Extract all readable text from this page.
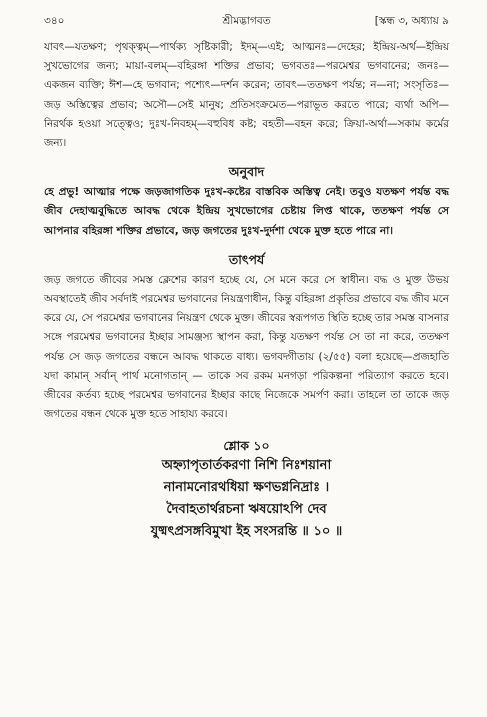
৩৪০	শ্রীমদ্ভাগবত	[স্কন্ধ ৩, অধ্যায় ৯

যাবৎ—যতক্ষণ; পৃথক্‌ত্বম্—পার্থক্য সৃষ্টিকারী; ইদম্—এই; আত্মনঃ—দেহের; ইন্দ্রিয়-অর্থ—ইন্দ্রিয় সুখভোগের জন্য; মায়া-বলম্—বহিরঙ্গা শক্তির প্রভাব; ভগবতঃ—পরমেশ্বর ভগবানের; জনঃ—একজন ব্যক্তি; ঈশ—হে ভগবান; পশ্যেৎ—দর্শন করেন; তাবৎ—ততক্ষণ পর্যন্ত; ন—না; সংসৃতিঃ—জড় অস্তিত্বের প্রভাব; অসৌ—সেই মানুষ; প্রতিসংক্রমেত—পরাভূত করতে পারে; ব্যর্থা অপি—নিরর্থক হওয়া সত্ত্বেও; দুঃখ-নিবহম্—বহুবিধ কষ্ট; বহতী—বহন করে; ক্রিয়া-অর্থা—সকাম কর্মের জন্য।

অনুবাদ

হে প্রভু! আত্মার পক্ষে জড়জাগতিক দুঃখ-কষ্টের বাস্তবিক অস্তিত্ব নেই। তবুও যতক্ষণ পর্যন্ত বদ্ধ জীব দেহাত্মবুদ্ধিতে আবদ্ধ থেকে ইন্দ্রিয় সুখভোগের চেষ্টায় লিপ্ত থাকে, ততক্ষণ পর্যন্ত সে আপনার বহিরঙ্গা শক্তির প্রভাবে, জড় জগতের দুঃখ-দুর্দশা থেকে মুক্ত হতে পারে না।

তাৎপর্য

জড় জগতে জীবের সমস্ত ক্লেশের কারণ হচ্ছে যে, সে মনে করে সে স্বাধীন। বদ্ধ ও মুক্ত উভয় অবস্থাতেই জীব সর্বদাই পরমেশ্বর ভগবানের নিয়ন্ত্রণাধীন, কিন্তু বহিরঙ্গা প্রকৃতির প্রভাবে বদ্ধ জীব মনে করে যে, সে পরমেশ্বর ভগবানের নিয়ন্ত্রণ থেকে মুক্ত। জীবের স্বরূপগত স্থিতি হচ্ছে তার সমস্ত বাসনার সঙ্গে পরমেশ্বর ভগবানের ইচ্ছার সামঞ্জস্য স্থাপন করা, কিন্তু যতক্ষণ পর্যন্ত সে তা না করে, ততক্ষণ পর্যন্ত সে জড় জগতের বন্ধনে আবদ্ধ থাকতে বাধ্য। ভগবদ্গীতায় (২/৫৫) বলা হয়েছে—প্রজহাতি যদা কামান্ সর্বান্ পার্থ মনোগতান্ — তাকে সব রকম মনগড়া পরিকল্পনা পরিত্যাগ করতে হবে। জীবের কর্তব্য হচ্ছে পরমেশ্বর ভগবানের ইচ্ছার কাছে নিজেকে সমর্পণ করা। তাহলে তা তাকে জড় জগতের বন্ধন থেকে মুক্ত হতে সাহায্য করবে।

শ্লোক ১০
অহ্ন্যাপৃতার্তকরণা নিশি নিঃশয়ানা
নানামনোরথধিয়া ক্ষণভগ্ননিদ্রাঃ ।
দৈবাহতার্থরচনা ঋষয়োঽপি দেব
যুষ্মৎপ্রসঙ্গবিমুখা ইহ সংসরন্তি ॥ ১০ ॥
